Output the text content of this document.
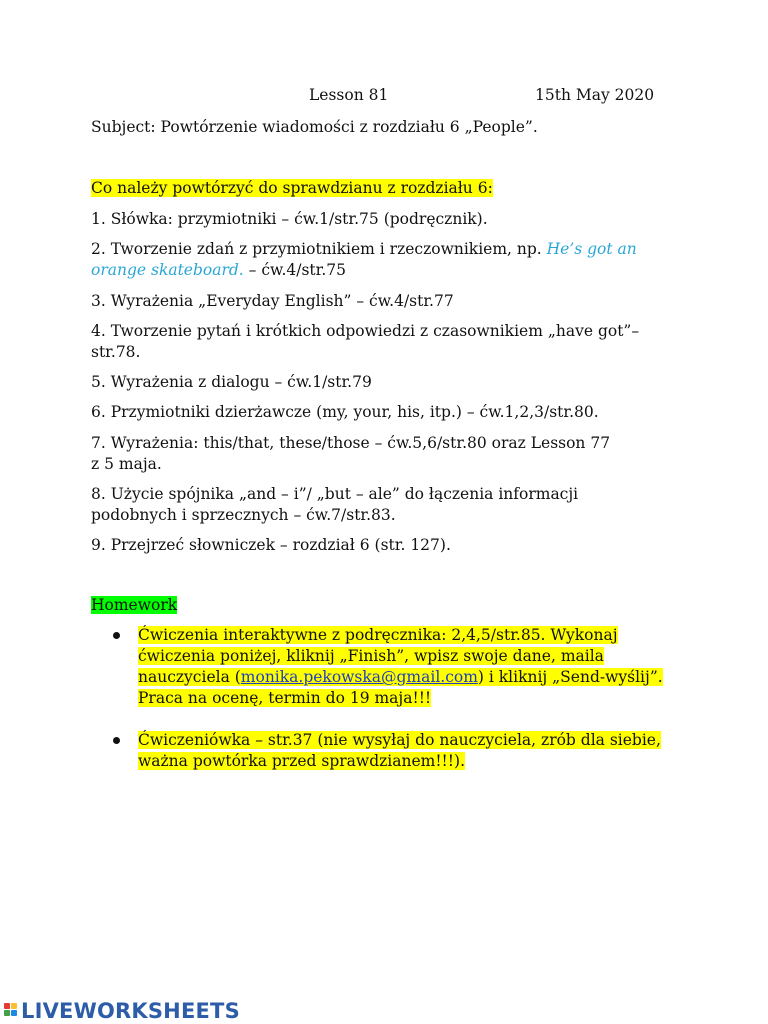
Lesson 81	15th May 2020
Subject: Powtórzenie wiadomości z rozdziału 6 „People”.
Co należy powtórzyć do sprawdzianu z rozdziału 6:
1. Słówka: przymiotniki – ćw.1/str.75 (podręcznik).
2. Tworzenie zdań z przymiotnikiem i rzeczownikiem, np. He’s got an
orange skateboard. – ćw.4/str.75
3. Wyrażenia „Everyday English” – ćw.4/str.77
4. Tworzenie pytań i krótkich odpowiedzi z czasownikiem „have got”–
str.78.
5. Wyrażenia z dialogu – ćw.1/str.79
6. Przymiotniki dzierżawcze (my, your, his, itp.) – ćw.1,2,3/str.80.
7. Wyrażenia: this/that, these/those – ćw.5,6/str.80 oraz Lesson 77
z 5 maja.
8. Użycie spójnika „and – i”/ „but – ale” do łączenia informacji
podobnych i sprzecznych – ćw.7/str.83.
9. Przejrzeć słowniczek – rozdział 6 (str. 127).
Homework
Ćwiczenia interaktywne z podręcznika: 2,4,5/str.85. Wykonaj
ćwiczenia poniżej, kliknij „Finish”, wpisz swoje dane, maila
nauczyciela (monika.pekowska@gmail.com) i kliknij „Send-wyślij”.
Praca na ocenę, termin do 19 maja!!!
Ćwiczeniówka – str.37 (nie wysyłaj do nauczyciela, zrób dla siebie,
ważna powtórka przed sprawdzianem!!!).
LIVEWORKSHEETS
